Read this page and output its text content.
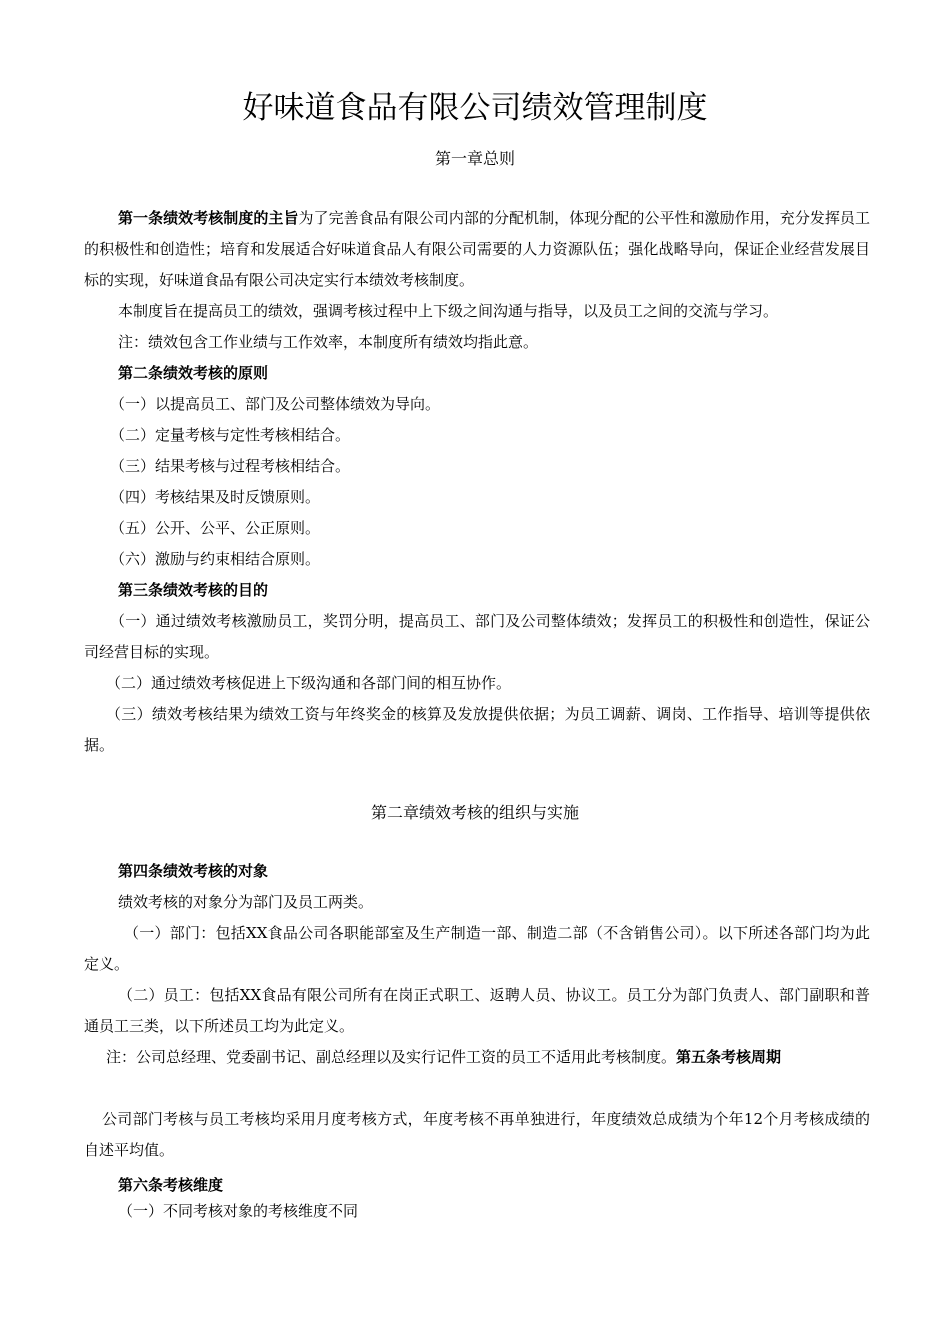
好味道食品有限公司绩效管理制度
第一章总则
第一条绩效考核制度的主旨为了完善食品有限公司内部的分配机制，体现分配的公平性和激励作用，充分发挥员工的积极性和创造性；培育和发展适合好味道食品人有限公司需要的人力资源队伍；强化战略导向，保证企业经营发展目标的实现，好味道食品有限公司决定实行本绩效考核制度。
本制度旨在提高员工的绩效，强调考核过程中上下级之间沟通与指导，以及员工之间的交流与学习。
注：绩效包含工作业绩与工作效率，本制度所有绩效均指此意。
第二条绩效考核的原则
（一）以提高员工、部门及公司整体绩效为导向。
（二）定量考核与定性考核相结合。
（三）结果考核与过程考核相结合。
（四）考核结果及时反馈原则。
（五）公开、公平、公正原则。
（六）激励与约束相结合原则。
第三条绩效考核的目的
（一）通过绩效考核激励员工，奖罚分明，提高员工、部门及公司整体绩效；发挥员工的积极性和创造性，保证公司经营目标的实现。
（二）通过绩效考核促进上下级沟通和各部门间的相互协作。
（三）绩效考核结果为绩效工资与年终奖金的核算及发放提供依据；为员工调薪、调岗、工作指导、培训等提供依据。
第二章绩效考核的组织与实施
第四条绩效考核的对象
绩效考核的对象分为部门及员工两类。
（一）部门：包括XX食品公司各职能部室及生产制造一部、制造二部（不含销售公司）。以下所述各部门均为此定义。
（二）员工：包括XX食品有限公司所有在岗正式职工、返聘人员、协议工。员工分为部门负责人、部门副职和普通员工三类，以下所述员工均为此定义。
注：公司总经理、党委副书记、副总经理以及实行记件工资的员工不适用此考核制度。第五条考核周期
公司部门考核与员工考核均采用月度考核方式，年度考核不再单独进行，年度绩效总成绩为个年12个月考核成绩的自述平均值。
第六条考核维度
（一）不同考核对象的考核维度不同
